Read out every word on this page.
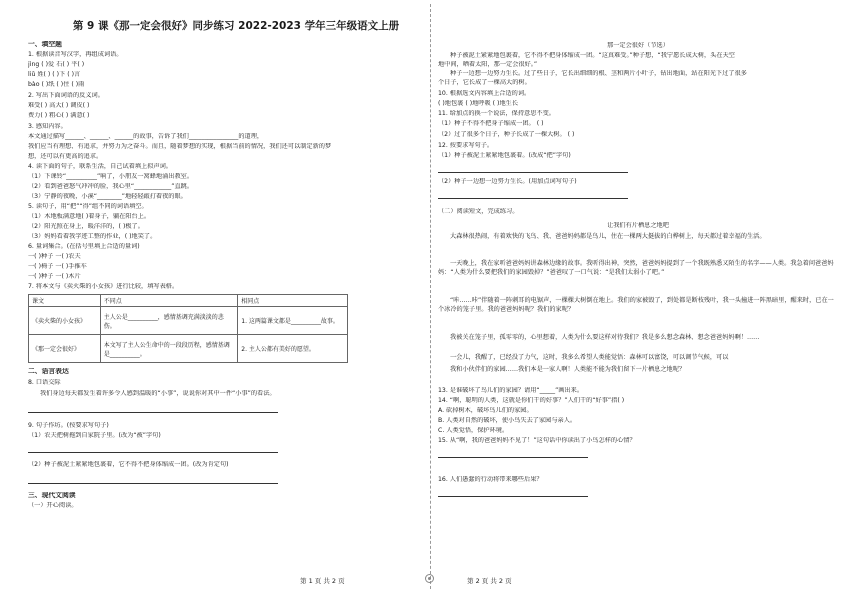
第 9 课《那一定会很好》同步练习 2022-2023 学年三年级语文上册
一、填空题
1. 根据读音写汉字，再组成词语。
jìng ( )爱 石( ) 平( )
liǔ 姓( ) ( )下 ( )言
bào ( )纸 ( )住 ( )雨
2. 写出下面词语的反义词。
难受( ) 高大( ) 调皮( )
费力( ) 粗心( ) 满意( )
3. 感知内容。
本文通过描写______、______、______的故事，告诉了我们________________的道理，
我们应当有理想、有追求，并努力为之奋斗。而且，随着梦想的实现，根据当前的情况，我们还可以制定新的梦
想，还可以有更高的追求。
4. 读下面的句子，联系生活，自己试着填上拟声词。
（1）下课铃“__________”响了，小朋友一窝蜂地涌出教室。
（2）看到爸爸怒气冲冲的脸，我心里“____________”直跳。
（3）宁静的夜晚，小溪“________”地轻轻敲打着夜的眼。
5. 读句子，用“把”“得”组不同的词语填空。
（1）木地板满意地( )着身子，躺在阳台上。
（2）阳光照在身上，暖洋洋的，( )极了。
（3）妈妈看着我字迹工整的作业，( )地笑了。
6. 量词集合。(在括号里填上合适的量词)
一( )种子 一( )农夫
一( )椅子 一( )手推车
一( )种子 一( )木片
7. 将本文与《卖火柴的小女孩》进行比较，填写表格。
课文	不同点	相同点
《卖火柴的小女孩》	主人公是__________，感情基调充满淡淡的悲伤。	1. 这两篇课文都是__________故事。
《那一定会很好》	本文写了主人公生命中的一段段历程，感情基调是__________。	2. 主人公都有美好的愿望。
二、语言表达
8. 口语交际
我们身边每天都发生着许多令人感到温暖的“小事”，说说你对其中一件“小事”的看法。
9. 句子作坊。(按要求写句子)
（1）农夫把树拖到自家院子里。(改为“被”字句)
（2）种子被泥土紧紧地包裹着，它不得不把身体缩成一团。(改为肯定句)
三、现代文阅读
（一）开心阅读。
那一定会很好（节选）
种子被泥土紧紧地包裹着，它不得不把身体缩成一团。“这真难受。”种子想，“我宁愿长成大树，头在天空
地中间，晒着太阳，那一定会很好。”
种子一边想一边努力生长。过了些日子，它长出细细的根、茎和两片小叶子，钻出地面，站在阳光下过了很多
个日子，它长成了一棵高大的树。
10. 根据选文内容填上合适的词。
( )地包裹 ( )地呼吸 ( )地生长
11. 给加点的换一个说法，保持意思不变。
（1）种子不得不把身子缩成一团。 ( )
（2）过了很多个日子，种子长成了一棵大树。 ( )
12. 按要求写句子。
（1）种子被泥土紧紧地包裹着。(改成“把”字句)
（2）种子一边想一边努力生长。(用加点词写句子)
（二）阅读短文，完成练习。
让我们有片栖息之地吧
大森林很热闹，有着欢快的飞鸟、我、爸爸妈妈都是鸟儿，住在一棵两大挺拔的白桦树上，每天都过着幸福的生活。
一天晚上，我在家听爸爸妈妈讲森林边缘的故事。我听得出神，突然，爸爸妈妈提到了一个我既熟悉又陌生的名字——人类。我急着问爸爸妈妈：“人类为什么要把我们的家园毁掉？”爸爸叹了一口气说：“是我们太弱小了吧。”
“咔……咔”伴随着一阵刺耳的电锯声，一棵棵大树倒在地上。我们的家被毁了，到处都是断枝残叶，我一头撞进一阵黑暗里，醒来时，已在一个冰冷的笼子里。我的爸爸妈妈呢？我们的家呢？
我被关在笼子里，孤零零的，心里想着，人类为什么要这样对待我们？我是多么想念森林、想念爸爸妈妈啊！……
一会儿，我醒了，已经没了力气，这时，我多么希望人类能觉悟：森林可以富饶，可以调节气候，可以
我和小伙伴们的家园……我们本是一家人啊！人类能不能为我们留下一片栖息之地呢？
13. 是谁破坏了鸟儿们的家园？请用“_____”画出来。
14. “啊，聪明的人类，这就是你们干的好事？”人们干的“好事”指( )
A. 砍掉树木，破坏鸟儿们的家园。
B. 人类对自然的破坏，使小鸟失去了家园与亲人。
C. 人类觉悟，保护环境。
15. 从“啊，我的爸爸妈妈不见了！”这句话中你读出了小鸟怎样的心情？
16. 人们愚蠢的行动将带来哪些后果？
第 1 页 共 2 页	第 2 页 共 2 页
